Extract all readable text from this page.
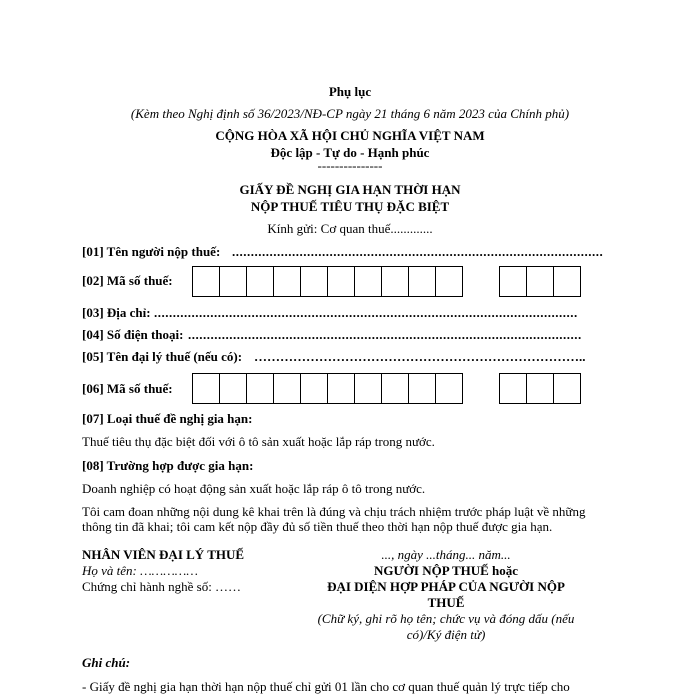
Phụ lục
(Kèm theo Nghị định số 36/2023/NĐ-CP ngày 21 tháng 6 năm 2023 của Chính phủ)
CỘNG HÒA XÃ HỘI CHỦ NGHĨA VIỆT NAM
Độc lập - Tự do - Hạnh phúc
---------------
GIẤY ĐỀ NGHỊ GIA HẠN THỜI HẠN
NỘP THUẾ TIÊU THỤ ĐẶC BIỆT
Kính gửi: Cơ quan thuế.............
[01] Tên người nộp thuế: ...................................................................................................
[02] Mã số thuế:
[03] Địa chỉ: .................................................................................................................
[04] Số điện thoại: .........................................................................................................
[05] Tên đại lý thuế (nếu có): …………………………………………………………………..
[06] Mã số thuế:
[07] Loại thuế đề nghị gia hạn:
Thuế tiêu thụ đặc biệt đối với ô tô sản xuất hoặc lắp ráp trong nước.
[08] Trường hợp được gia hạn:
Doanh nghiệp có hoạt động sản xuất hoặc lắp ráp ô tô trong nước.
Tôi cam đoan những nội dung kê khai trên là đúng và chịu trách nhiệm trước pháp luật về những
thông tin đã khai; tôi cam kết nộp đầy đủ số tiền thuế theo thời hạn nộp thuế được gia hạn.
NHÂN VIÊN ĐẠI LÝ THUẾ
Họ và tên: ……………
Chứng chỉ hành nghề số: ……
..., ngày ...tháng... năm...
NGƯỜI NỘP THUẾ hoặc
ĐẠI DIỆN HỢP PHÁP CỦA NGƯỜI NỘP
THUẾ
(Chữ ký, ghi rõ họ tên; chức vụ và đóng dấu (nếu
có)/Ký điện tử)
Ghi chú:
- Giấy đề nghị gia hạn thời hạn nộp thuế chỉ gửi 01 lần cho cơ quan thuế quản lý trực tiếp cho
